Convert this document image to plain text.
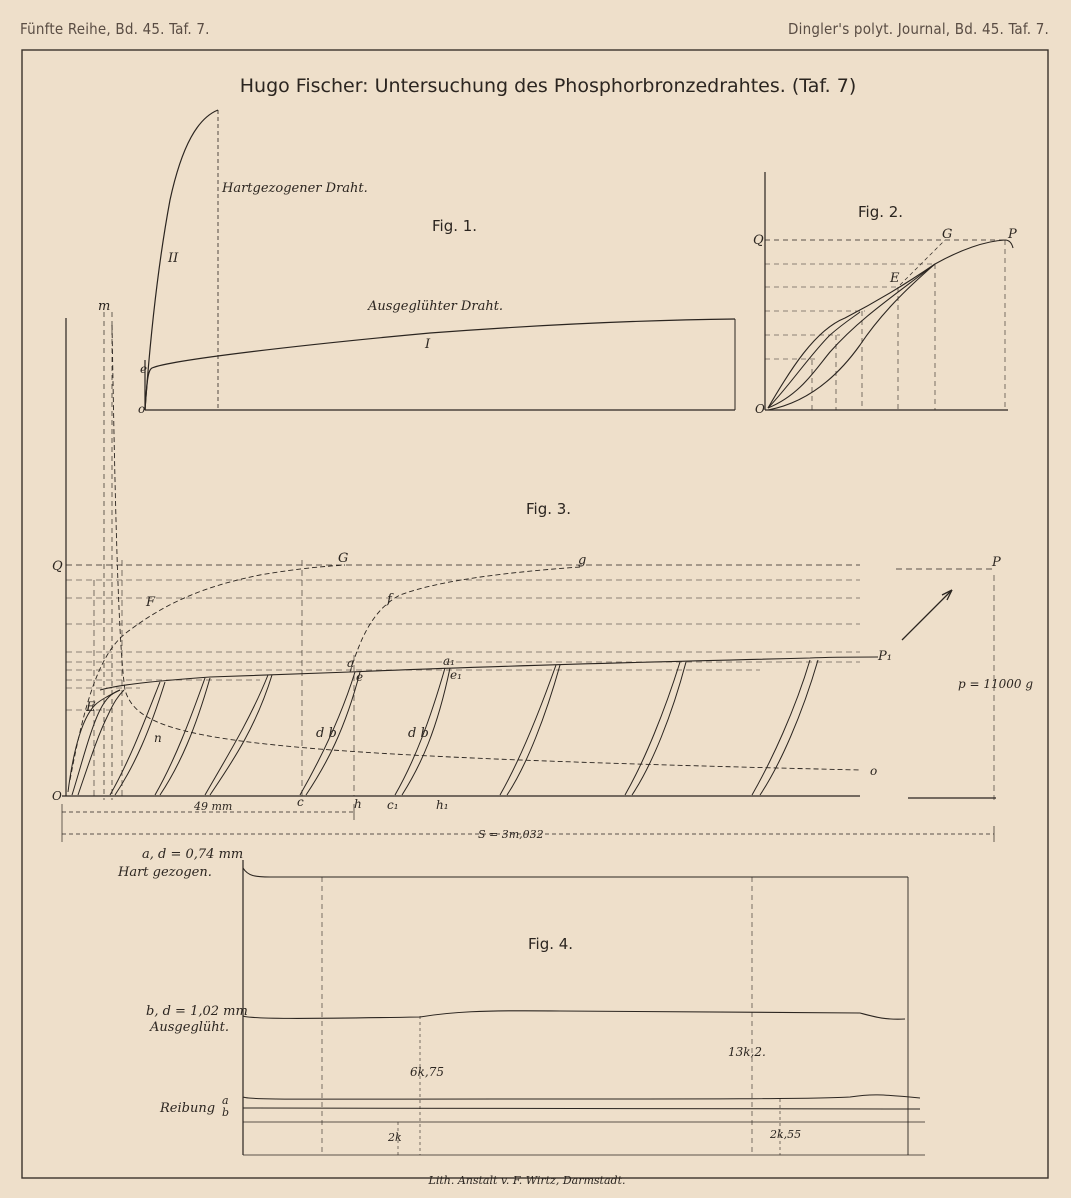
Fünfte Reihe, Bd. 45. Taf. 7.	Dingler's polyt. Journal, Bd. 45. Taf. 7.
Hugo Fischer: Untersuchung des Phosphorbronzedrahtes. (Taf. 7)
Fig. 1.
Hartgezogener Draht.
Ausgeglühter Draht.
II
I
m
e
o
Fig. 2.
Q	G	P
E
O
Fig. 3.
Q
G	g
F	f
P
P₁
E
n
a	a₁
e	e₁
d b	d b
c	h c₁	h₁
O
o
49 mm
S = 3m,032
p = 11000 g
Fig. 4.
a, d = 0,74 mm
Hart gezogen.
b, d = 1,02 mm
Ausgeglüht.
Reibung
a
b
6k,75
13k,2.
2k	2k,55
Lith. Anstalt v. F. Wirtz, Darmstadt.
